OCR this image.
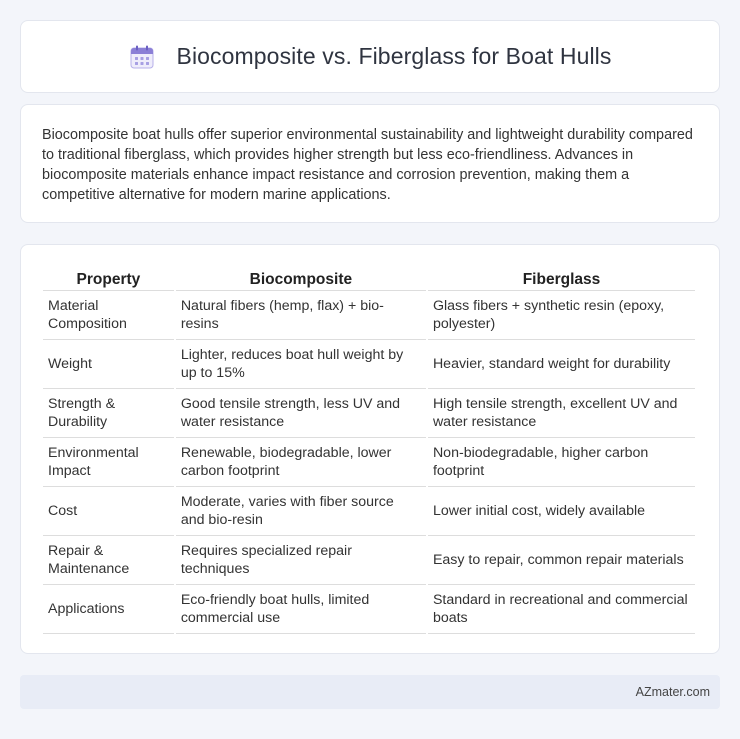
Biocomposite vs. Fiberglass for Boat Hulls

Biocomposite boat hulls offer superior environmental sustainability and lightweight durability compared to traditional fiberglass, which provides higher strength but less eco-friendliness. Advances in biocomposite materials enhance impact resistance and corrosion prevention, making them a competitive alternative for modern marine applications.

Property	Biocomposite	Fiberglass
Material Composition	Natural fibers (hemp, flax) + bio-resins	Glass fibers + synthetic resin (epoxy, polyester)
Weight	Lighter, reduces boat hull weight by up to 15%	Heavier, standard weight for durability
Strength & Durability	Good tensile strength, less UV and water resistance	High tensile strength, excellent UV and water resistance
Environmental Impact	Renewable, biodegradable, lower carbon footprint	Non-biodegradable, higher carbon footprint
Cost	Moderate, varies with fiber source and bio-resin	Lower initial cost, widely available
Repair & Maintenance	Requires specialized repair techniques	Easy to repair, common repair materials
Applications	Eco-friendly boat hulls, limited commercial use	Standard in recreational and commercial boats
AZmater.com
